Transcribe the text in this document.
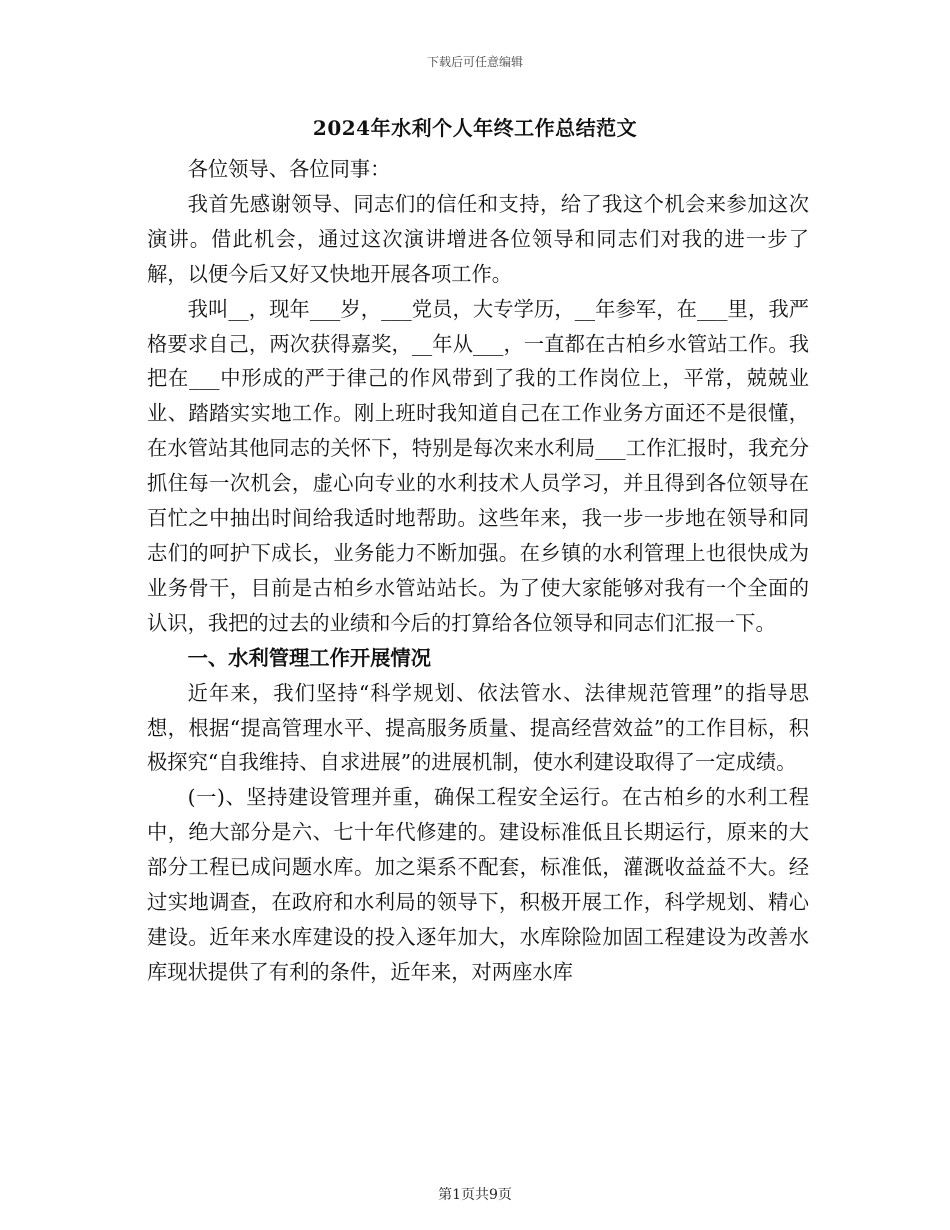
下载后可任意编辑
2024年水利个人年终工作总结范文

各位领导、各位同事：

我首先感谢领导、同志们的信任和支持，给了我这个机会来参加这次演讲。借此机会，通过这次演讲增进各位领导和同志们对我的进一步了解，以便今后又好又快地开展各项工作。

我叫__，现年___岁，___党员，大专学历，__年参军，在___里，我严格要求自己，两次获得嘉奖，__年从___，一直都在古柏乡水管站工作。我把在___中形成的严于律己的作风带到了我的工作岗位上，平常，兢兢业业、踏踏实实地工作。刚上班时我知道自己在工作业务方面还不是很懂，在水管站其他同志的关怀下，特别是每次来水利局___工作汇报时，我充分抓住每一次机会，虚心向专业的水利技术人员学习，并且得到各位领导在百忙之中抽出时间给我适时地帮助。这些年来，我一步一步地在领导和同志们的呵护下成长，业务能力不断加强。在乡镇的水利管理上也很快成为业务骨干，目前是古柏乡水管站站长。为了使大家能够对我有一个全面的认识，我把的过去的业绩和今后的打算给各位领导和同志们汇报一下。

一、水利管理工作开展情况

近年来，我们坚持“科学规划、依法管水、法律规范管理”的指导思想，根据“提高管理水平、提高服务质量、提高经营效益”的工作目标，积极探究“自我维持、自求进展”的进展机制，使水利建设取得了一定成绩。

(一)、坚持建设管理并重，确保工程安全运行。在古柏乡的水利工程中，绝大部分是六、七十年代修建的。建设标准低且长期运行，原来的大部分工程已成问题水库。加之渠系不配套，标准低，灌溉收益益不大。经过实地调查，在政府和水利局的领导下，积极开展工作，科学规划、精心建设。近年来水库建设的投入逐年加大，水库除险加固工程建设为改善水库现状提供了有利的条件，近年来，对两座水库

第1页共9页
